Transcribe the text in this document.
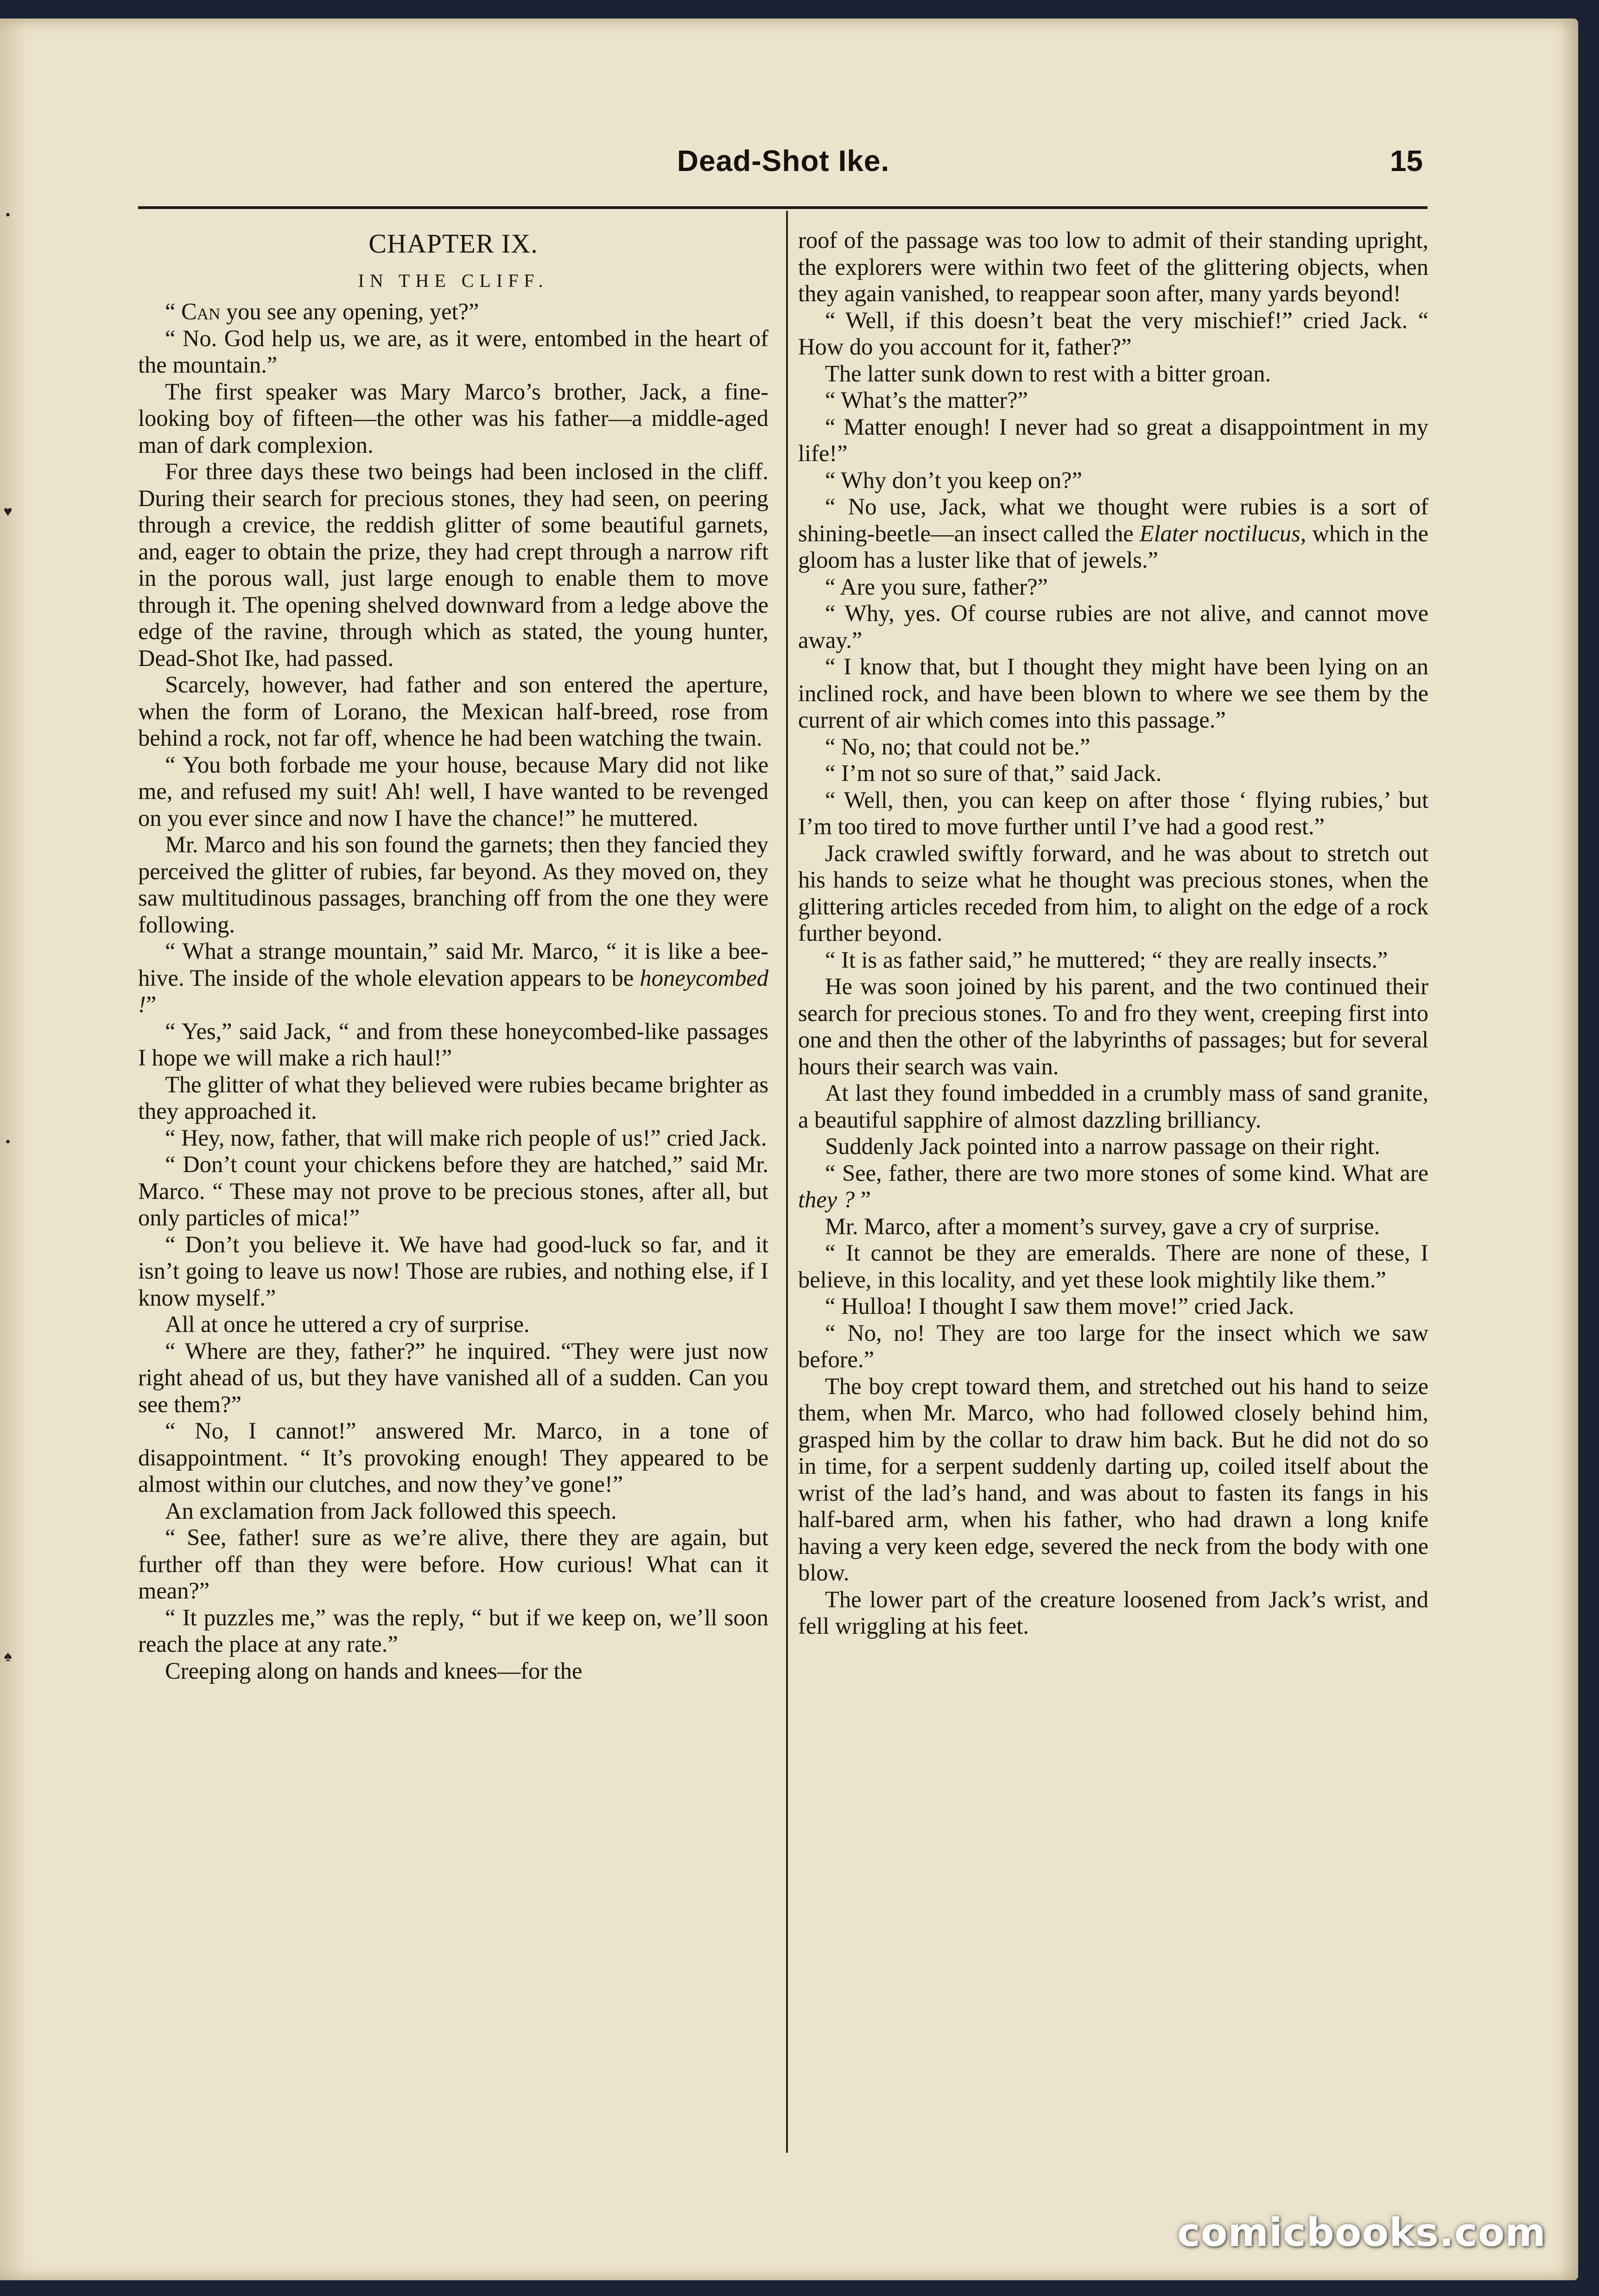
•
♥
•
♠
Dead-Shot Ike.	15
CHAPTER IX.
IN THE CLIFF.

“ Can you see any opening, yet?”

“ No. God help us, we are, as it were, entombed in the heart of the mountain.”

The first speaker was Mary Marco’s brother, Jack, a fine-looking boy of fifteen—the other was his father—a middle-aged man of dark complexion.

For three days these two beings had been inclosed in the cliff. During their search for precious stones, they had seen, on peering through a crevice, the reddish glitter of some beautiful garnets, and, eager to obtain the prize, they had crept through a narrow rift in the porous wall, just large enough to enable them to move through it. The opening shelved downward from a ledge above the edge of the ravine, through which as stated, the young hunter, Dead-Shot Ike, had passed.

Scarcely, however, had father and son entered the aperture, when the form of Lorano, the Mexican half-breed, rose from behind a rock, not far off, whence he had been watching the twain.

“ You both forbade me your house, because Mary did not like me, and refused my suit! Ah! well, I have wanted to be revenged on you ever since and now I have the chance!” he muttered.

Mr. Marco and his son found the garnets; then they fancied they perceived the glitter of rubies, far beyond. As they moved on, they saw multitudinous passages, branching off from the one they were following.

“ What a strange mountain,” said Mr. Marco, “ it is like a bee-hive. The inside of the whole elevation appears to be honeycombed !”

“ Yes,” said Jack, “ and from these honeycombed-like passages I hope we will make a rich haul!”

The glitter of what they believed were rubies became brighter as they approached it.

“ Hey, now, father, that will make rich people of us!” cried Jack.

“ Don’t count your chickens before they are hatched,” said Mr. Marco. “ These may not prove to be precious stones, after all, but only particles of mica!”

“ Don’t you believe it. We have had good-luck so far, and it isn’t going to leave us now! Those are rubies, and nothing else, if I know myself.”

All at once he uttered a cry of surprise.

“ Where are they, father?” he inquired. “They were just now right ahead of us, but they have vanished all of a sudden. Can you see them?”

“ No, I cannot!” answered Mr. Marco, in a tone of disappointment. “ It’s provoking enough! They appeared to be almost within our clutches, and now they’ve gone!”

An exclamation from Jack followed this speech.

“ See, father! sure as we’re alive, there they are again, but further off than they were before. How curious! What can it mean?”

“ It puzzles me,” was the reply, “ but if we keep on, we’ll soon reach the place at any rate.”

Creeping along on hands and knees—for the

roof of the passage was too low to admit of their standing upright, the explorers were within two feet of the glittering objects, when they again vanished, to reappear soon after, many yards beyond!

“ Well, if this doesn’t beat the very mischief!” cried Jack. “ How do you account for it, father?”

The latter sunk down to rest with a bitter groan.

“ What’s the matter?”

“ Matter enough! I never had so great a disappointment in my life!”

“ Why don’t you keep on?”

“ No use, Jack, what we thought were rubies is a sort of shining-beetle—an insect called the Elater noctilucus, which in the gloom has a luster like that of jewels.”

“ Are you sure, father?”

“ Why, yes. Of course rubies are not alive, and cannot move away.”

“ I know that, but I thought they might have been lying on an inclined rock, and have been blown to where we see them by the current of air which comes into this passage.”

“ No, no; that could not be.”

“ I’m not so sure of that,” said Jack.

“ Well, then, you can keep on after those ‘ flying rubies,’ but I’m too tired to move further until I’ve had a good rest.”

Jack crawled swiftly forward, and he was about to stretch out his hands to seize what he thought was precious stones, when the glittering articles receded from him, to alight on the edge of a rock further beyond.

“ It is as father said,” he muttered; “ they are really insects.”

He was soon joined by his parent, and the two continued their search for precious stones. To and fro they went, creeping first into one and then the other of the labyrinths of passages; but for several hours their search was vain.

At last they found imbedded in a crumbly mass of sand granite, a beautiful sapphire of almost dazzling brilliancy.

Suddenly Jack pointed into a narrow passage on their right.

“ See, father, there are two more stones of some kind. What are they ? ”

Mr. Marco, after a moment’s survey, gave a cry of surprise.

“ It cannot be they are emeralds. There are none of these, I believe, in this locality, and yet these look mightily like them.”

“ Hulloa! I thought I saw them move!” cried Jack.

“ No, no! They are too large for the insect which we saw before.”

The boy crept toward them, and stretched out his hand to seize them, when Mr. Marco, who had followed closely behind him, grasped him by the collar to draw him back. But he did not do so in time, for a serpent suddenly darting up, coiled itself about the wrist of the lad’s hand, and was about to fasten its fangs in his half-bared arm, when his father, who had drawn a long knife having a very keen edge, severed the neck from the body with one blow.

The lower part of the creature loosened from Jack’s wrist, and fell wriggling at his feet.

comicbooks.com
